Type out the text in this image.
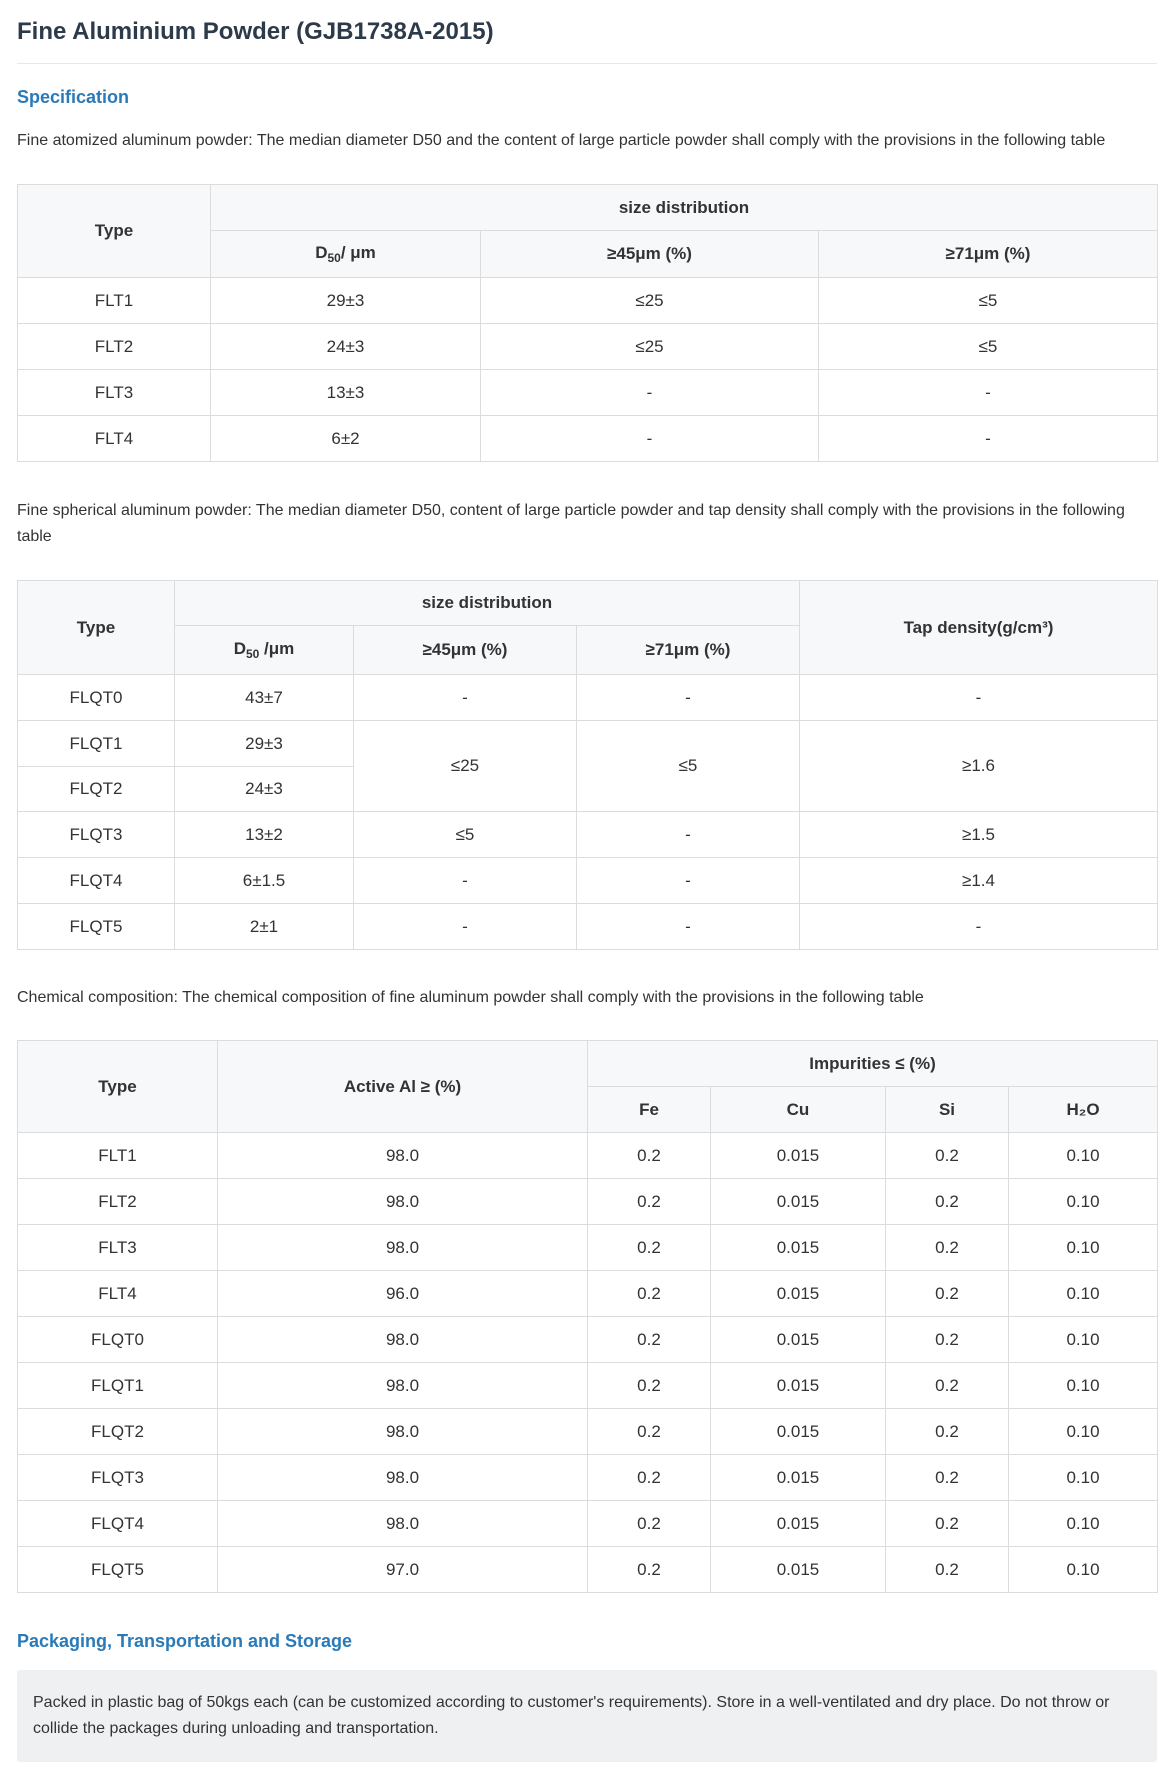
Fine Aluminium Powder (GJB1738A-2015)
Specification

Fine atomized aluminum powder: The median diameter D50 and the content of large particle powder shall comply with the provisions in the following table

Type	size distribution		
	$D_{50}/$ μm	≥45μm (%)	≥71μm (%)
FLT1	29±3	≤25	≤5
FLT2	24±3	≤25	≤5
FLT3	13±3	-	-
FLT4	6±2	-	-

Fine spherical aluminum powder: The median diameter D50, content of large particle powder and tap density shall comply with the provisions in the following table

Type	size distribution			Tap density(g/cm³)
	$D_{50}$ /μm	≥45μm (%)	≥71μm (%)	
FLQT0	43±7	-	-	-
FLQT1	29±3	≤25	≤5	≥1.6
FLQT2	24±3			
FLQT3	13±2	≤5	-	≥1.5
FLQT4	6±1.5	-	-	≥1.4
FLQT5	2±1	-	-	-

Chemical composition: The chemical composition of fine aluminum powder shall comply with the provisions in the following table

Type	Active Al ≥ (%)	Impurities ≤ (%)			
		Fe	Cu	Si	H₂O
FLT1	98.0	0.2	0.015	0.2	0.10
FLT2	98.0	0.2	0.015	0.2	0.10
FLT3	98.0	0.2	0.015	0.2	0.10
FLT4	96.0	0.2	0.015	0.2	0.10
FLQT0	98.0	0.2	0.015	0.2	0.10
FLQT1	98.0	0.2	0.015	0.2	0.10
FLQT2	98.0	0.2	0.015	0.2	0.10
FLQT3	98.0	0.2	0.015	0.2	0.10
FLQT4	98.0	0.2	0.015	0.2	0.10
FLQT5	97.0	0.2	0.015	0.2	0.10
Packaging, Transportation and Storage

Packed in plastic bag of 50kgs each (can be customized according to customer's requirements). Store in a well-ventilated and dry place. Do not throw or collide the packages during unloading and transportation.
